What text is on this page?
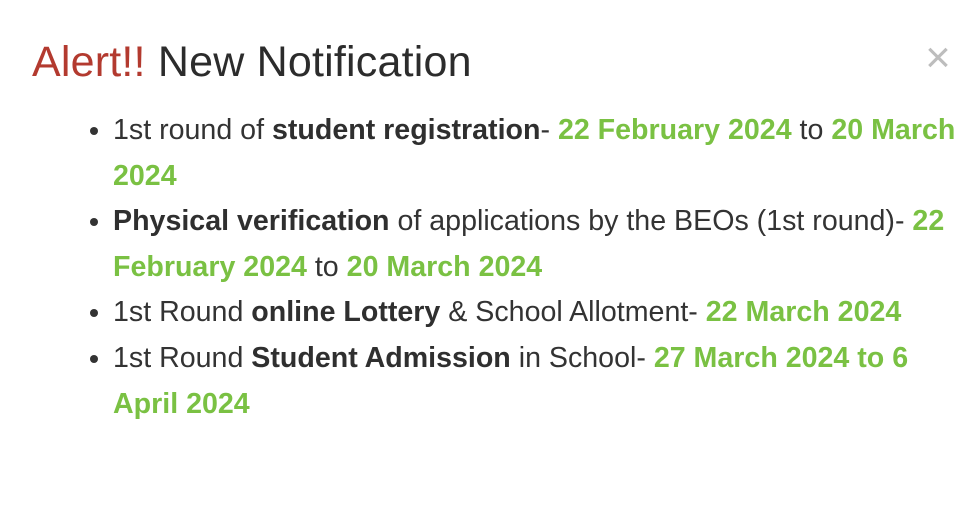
Alert!! New Notification	×
• 1st round of student registration- 22 February 2024 to 20 March 2024
• Physical verification of applications by the BEOs (1st round)- 22 February 2024 to 20 March 2024
• 1st Round online Lottery & School Allotment- 22 March 2024
• 1st Round Student Admission in School- 27 March 2024 to 6 April 2024
